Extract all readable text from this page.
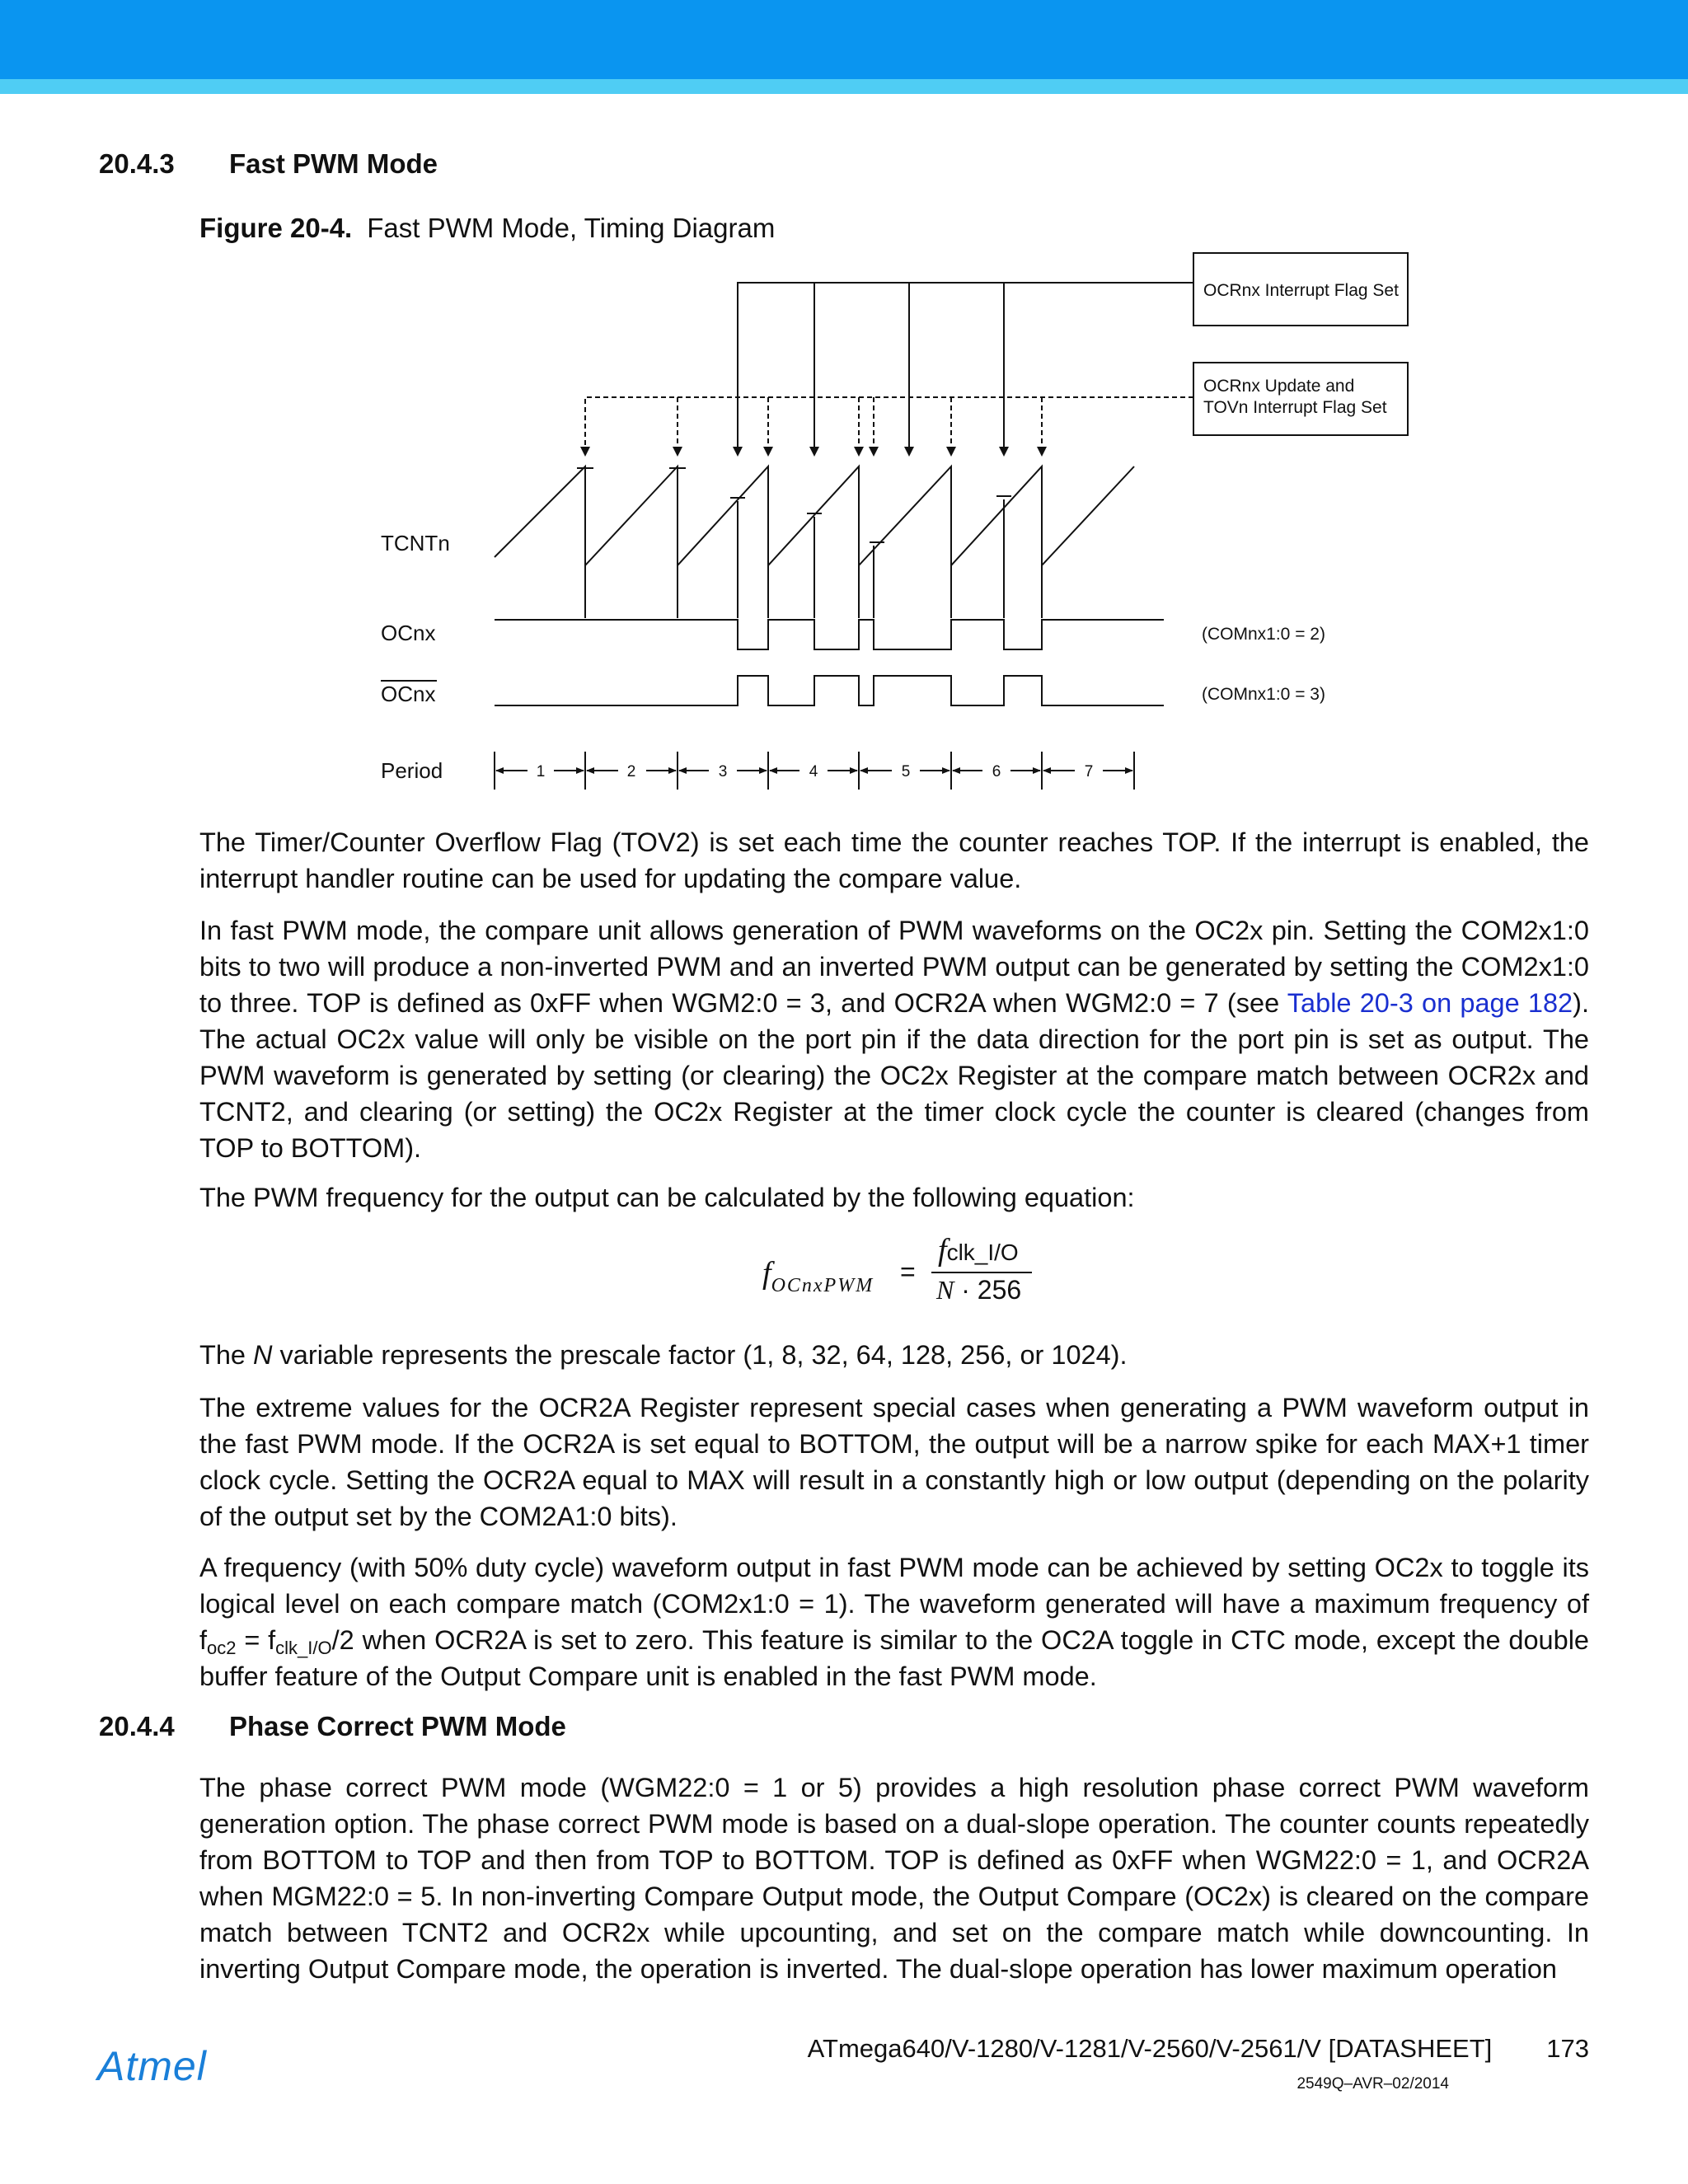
20.4.3 Fast PWM Mode
Figure 20-4. Fast PWM Mode, Timing Diagram
OCRnx Interrupt Flag Set
OCRnx Update and
TOVn Interrupt Flag Set
TCNTn
OCnx
OCnx
Period
(COMnx1:0 = 2)
(COMnx1:0 = 3)
1	2	3	4	5	6	7

The Timer/Counter Overflow Flag (TOV2) is set each time the counter reaches TOP. If the interrupt is enabled, the interrupt handler routine can be used for updating the compare value.

In fast PWM mode, the compare unit allows generation of PWM waveforms on the OC2x pin. Setting the COM2x1:0 bits to two will produce a non-inverted PWM and an inverted PWM output can be generated by setting the COM2x1:0 to three. TOP is defined as 0xFF when WGM2:0 = 3, and OCR2A when WGM2:0 = 7 (see Table 20-3 on page 182). The actual OC2x value will only be visible on the port pin if the data direction for the port pin is set as output. The PWM waveform is generated by setting (or clearing) the OC2x Register at the compare match between OCR2x and TCNT2, and clearing (or setting) the OC2x Register at the timer clock cycle the counter is cleared (changes from TOP to BOTTOM).

The PWM frequency for the output can be calculated by the following equation:

$f_{OCnxPWM}$ =
fclk_I/O
N · 256

The N variable represents the prescale factor (1, 8, 32, 64, 128, 256, or 1024).

The extreme values for the OCR2A Register represent special cases when generating a PWM waveform output in the fast PWM mode. If the OCR2A is set equal to BOTTOM, the output will be a narrow spike for each MAX+1 timer clock cycle. Setting the OCR2A equal to MAX will result in a constantly high or low output (depending on the polarity of the output set by the COM2A1:0 bits).

A frequency (with 50% duty cycle) waveform output in fast PWM mode can be achieved by setting OC2x to toggle its logical level on each compare match (COM2x1:0 = 1). The waveform generated will have a maximum frequency of $f_{oc2} = f_{clk\_I/O}/2$ when OCR2A is set to zero. This feature is similar to the OC2A toggle in CTC mode, except the double buffer feature of the Output Compare unit is enabled in the fast PWM mode.

20.4.4 Phase Correct PWM Mode

The phase correct PWM mode (WGM22:0 = 1 or 5) provides a high resolution phase correct PWM waveform generation option. The phase correct PWM mode is based on a dual-slope operation. The counter counts repeatedly from BOTTOM to TOP and then from TOP to BOTTOM. TOP is defined as 0xFF when WGM22:0 = 1, and OCR2A when MGM22:0 = 5. In non-inverting Compare Output mode, the Output Compare (OC2x) is cleared on the compare match between TCNT2 and OCR2x while upcounting, and set on the compare match while downcounting. In inverting Output Compare mode, the operation is inverted. The dual-slope operation has lower maximum operation

Atmel	ATmega640/V-1280/V-1281/V-2560/V-2561/V [DATASHEET] 173
2549Q–AVR–02/2014
